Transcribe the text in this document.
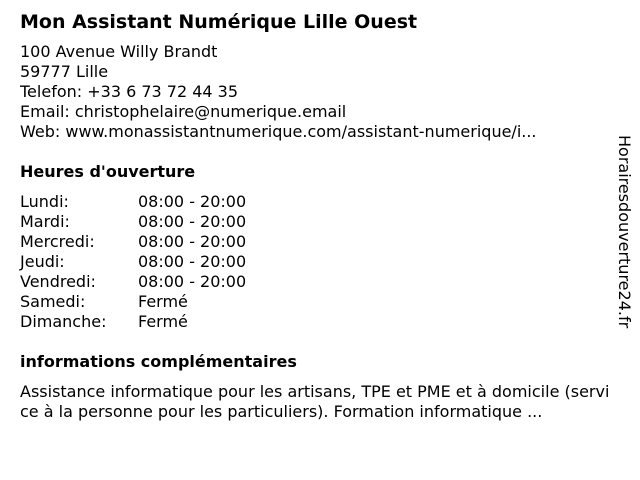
Mon Assistant Numérique Lille Ouest
100 Avenue Willy Brandt
59777 Lille
Telefon: +33 6 73 72 44 35
Email: christophelaire@numerique.email
Web: www.monassistantnumerique.com/assistant-numerique/i...
Heures d'ouverture
Lundi:	08:00 - 20:00
Mardi:	08:00 - 20:00
Mercredi:	08:00 - 20:00
Jeudi:	08:00 - 20:00
Vendredi:	08:00 - 20:00
Samedi:	Fermé
Dimanche:	Fermé
informations complémentaires
Assistance informatique pour les artisans, TPE et PME et à domicile (service à la personne pour les particuliers). Formation informatique ...
Horairesdouverture24.fr
